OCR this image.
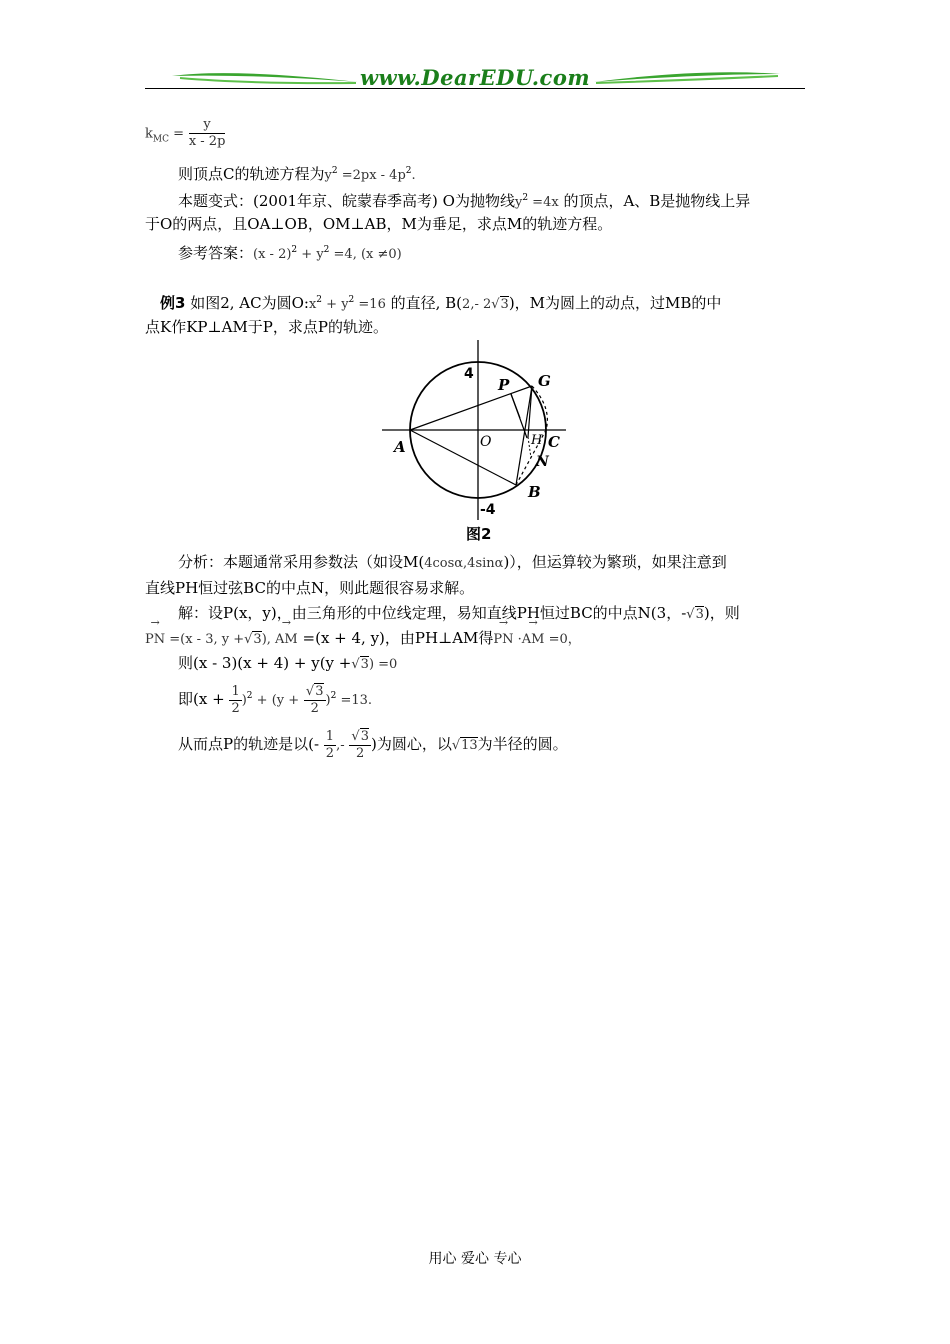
www.DearEDU.com
$k_{MC} = \frac{y}{x - 2p}$
则顶点C的轨迹方程为$y^2 =2px - 4p^2$.
本题变式：(2001年京、皖蒙春季高考) O为抛物线$y^2 =4x$ 的顶点，A、B是抛物线上异
于O的两点，且OA⊥OB，OM⊥AB，M为垂足，求点M的轨迹方程。
参考答案：$(x - 2)^2 + y^2 =4$, (x ≠0)
例3 如图2, AC为圆$O:x^2 + y^2 =16$ 的直径, B(2,- 2√3)，M为圆上的动点，过MB的中
点K作KP⊥AM于P，求点P的轨迹。
4
-4
A	O	C
G
P
H
N
B
图2
分析：本题通常采用参数法（如设M(4cosα,4sinα)），但运算较为繁琐，如果注意到
直线PH恒过弦BC的中点N，则此题很容易求解。
解：设P(x，y)，由三角形的中位线定理，易知直线PH恒过BC的中点N(3，-√3)，则
→ PN =(x - 3, y +√3), → AM =(x + 4, y)，由PH⊥AM得→ PN ·→ AM =0，
则(x - 3)(x + 4) + y(y +√3) =0
即$(x + \frac{1}{2} )^2 + (y + \frac{√3}{2} )^2 =13$.
从而点P的轨迹是以(- $\frac{1}{2}$ ,- $\frac{√3}{2}$ )为圆心，以√13为半径的圆。
用心 爱心 专心
